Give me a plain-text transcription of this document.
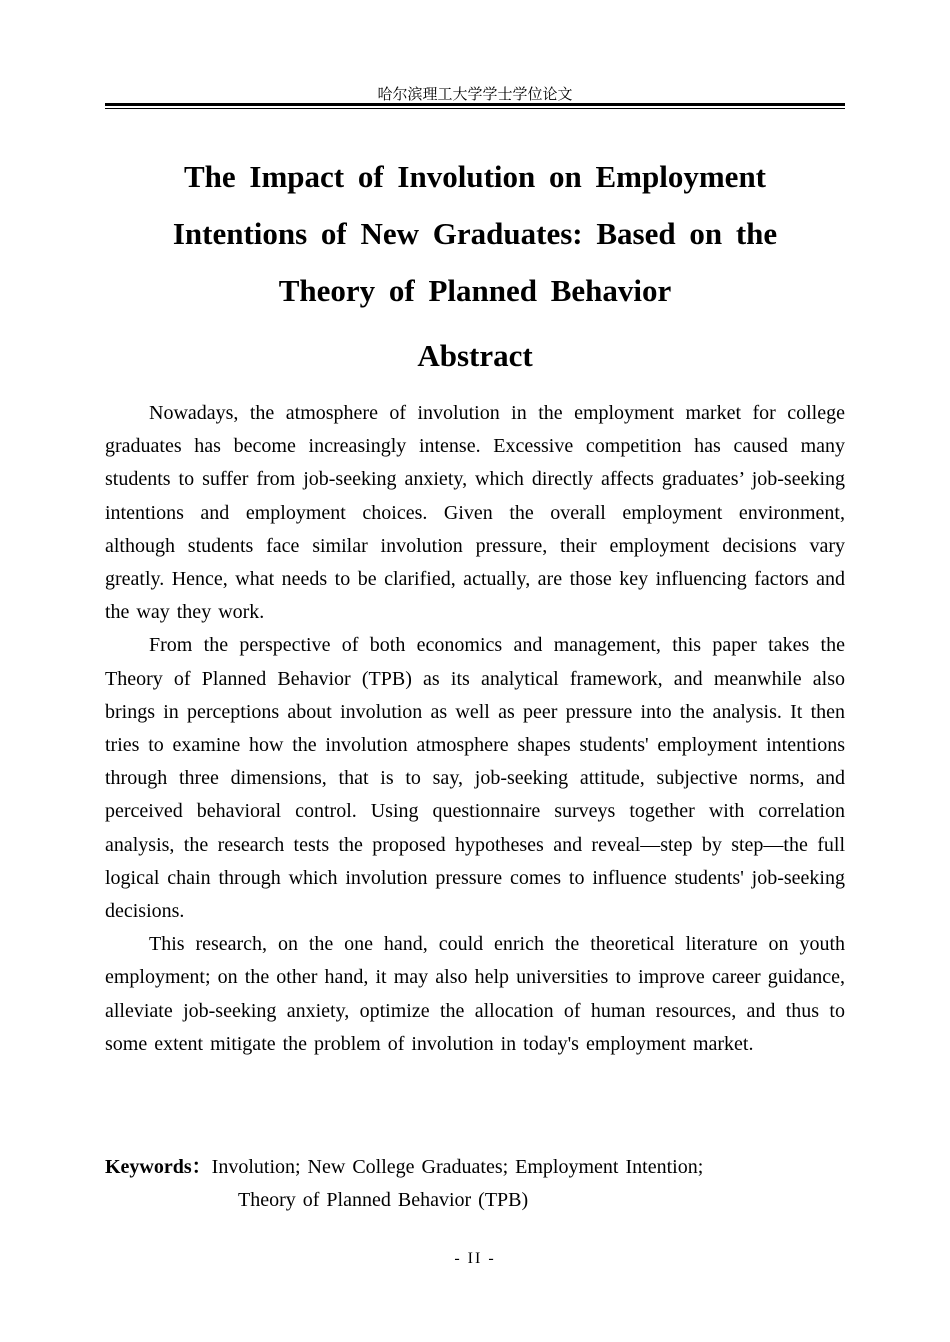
哈尔滨理工大学学士学位论文
The Impact of Involution on Employment
Intentions of New Graduates: Based on the
Theory of Planned Behavior
Abstract

Nowadays, the atmosphere of involution in the employment market for college graduates has become increasingly intense. Excessive competition has caused many students to suffer from job-seeking anxiety, which directly affects graduates’ job-seeking intentions and employment choices. Given the overall employment environment, although students face similar involution pressure, their employment decisions vary greatly. Hence, what needs to be clarified, actually, are those key influencing factors and the way they work.

From the perspective of both economics and management, this paper takes the Theory of Planned Behavior (TPB) as its analytical framework, and meanwhile also brings in perceptions about involution as well as peer pressure into the analysis. It then tries to examine how the involution atmosphere shapes students' employment intentions through three dimensions, that is to say, job-seeking attitude, subjective norms, and perceived behavioral control. Using questionnaire surveys together with correlation analysis, the research tests the proposed hypotheses and reveal—step by step—the full logical chain through which involution pressure comes to influence students' job-seeking decisions.

This research, on the one hand, could enrich the theoretical literature on youth employment; on the other hand, it may also help universities to improve career guidance, alleviate job-seeking anxiety, optimize the allocation of human resources, and thus to some extent mitigate the problem of involution in today's employment market.

Keywords：Involution; New College Graduates; Employment Intention;
Theory of Planned Behavior (TPB)
- II -
